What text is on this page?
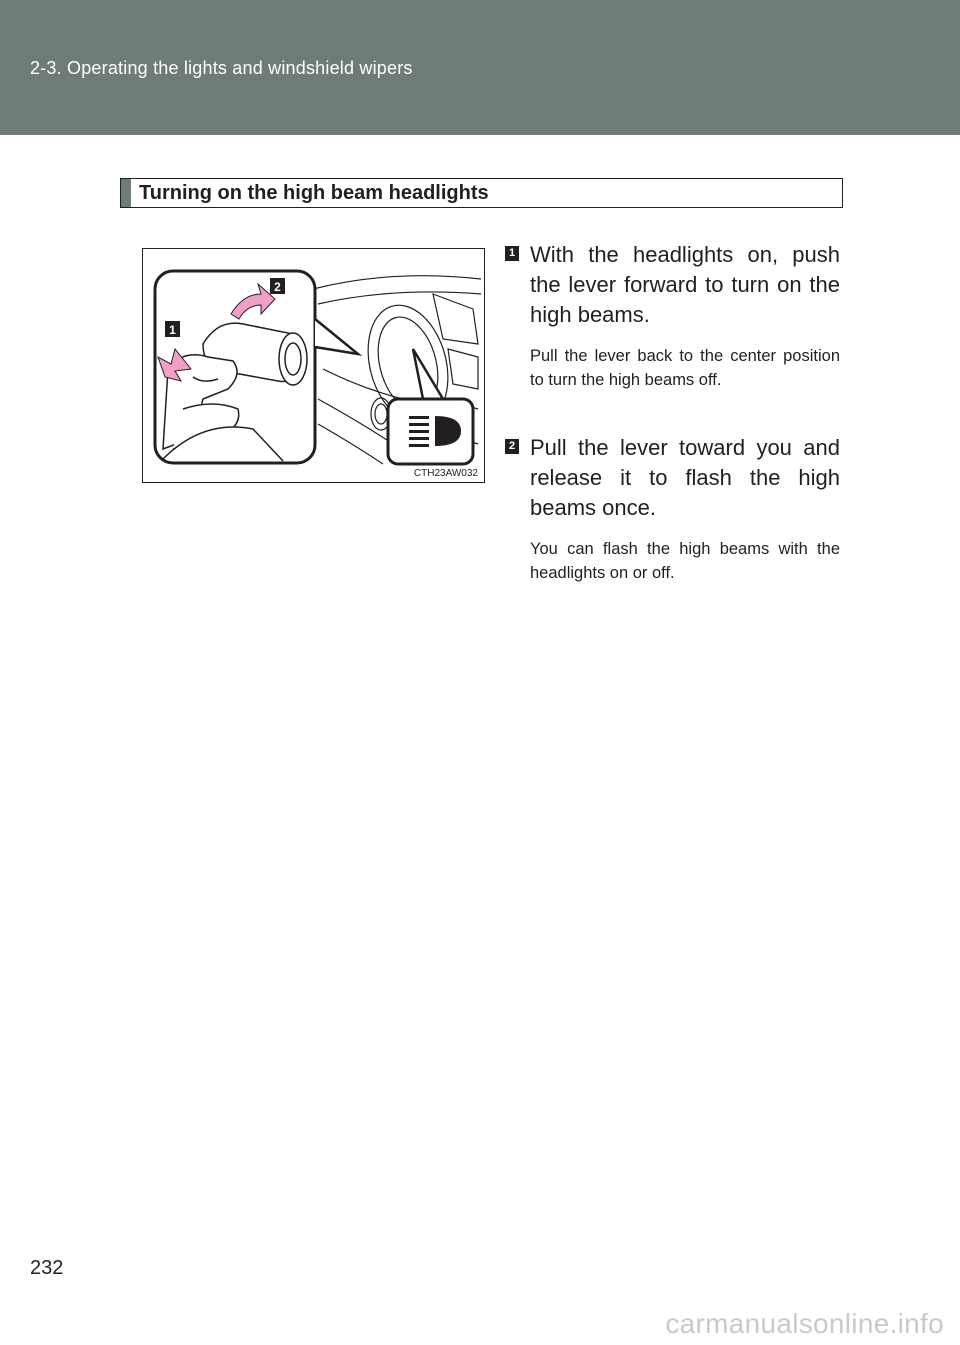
2-3. Operating the lights and windshield wipers
Turning on the high beam headlights
1
2
CTH23AW032
1 With the headlights on, push the lever forward to turn on the high beams.
Pull the lever back to the center position to turn the high beams off.
2 Pull the lever toward you and release it to flash the high beams once.
You can flash the high beams with the headlights on or off.
232
carmanualsonline.info
